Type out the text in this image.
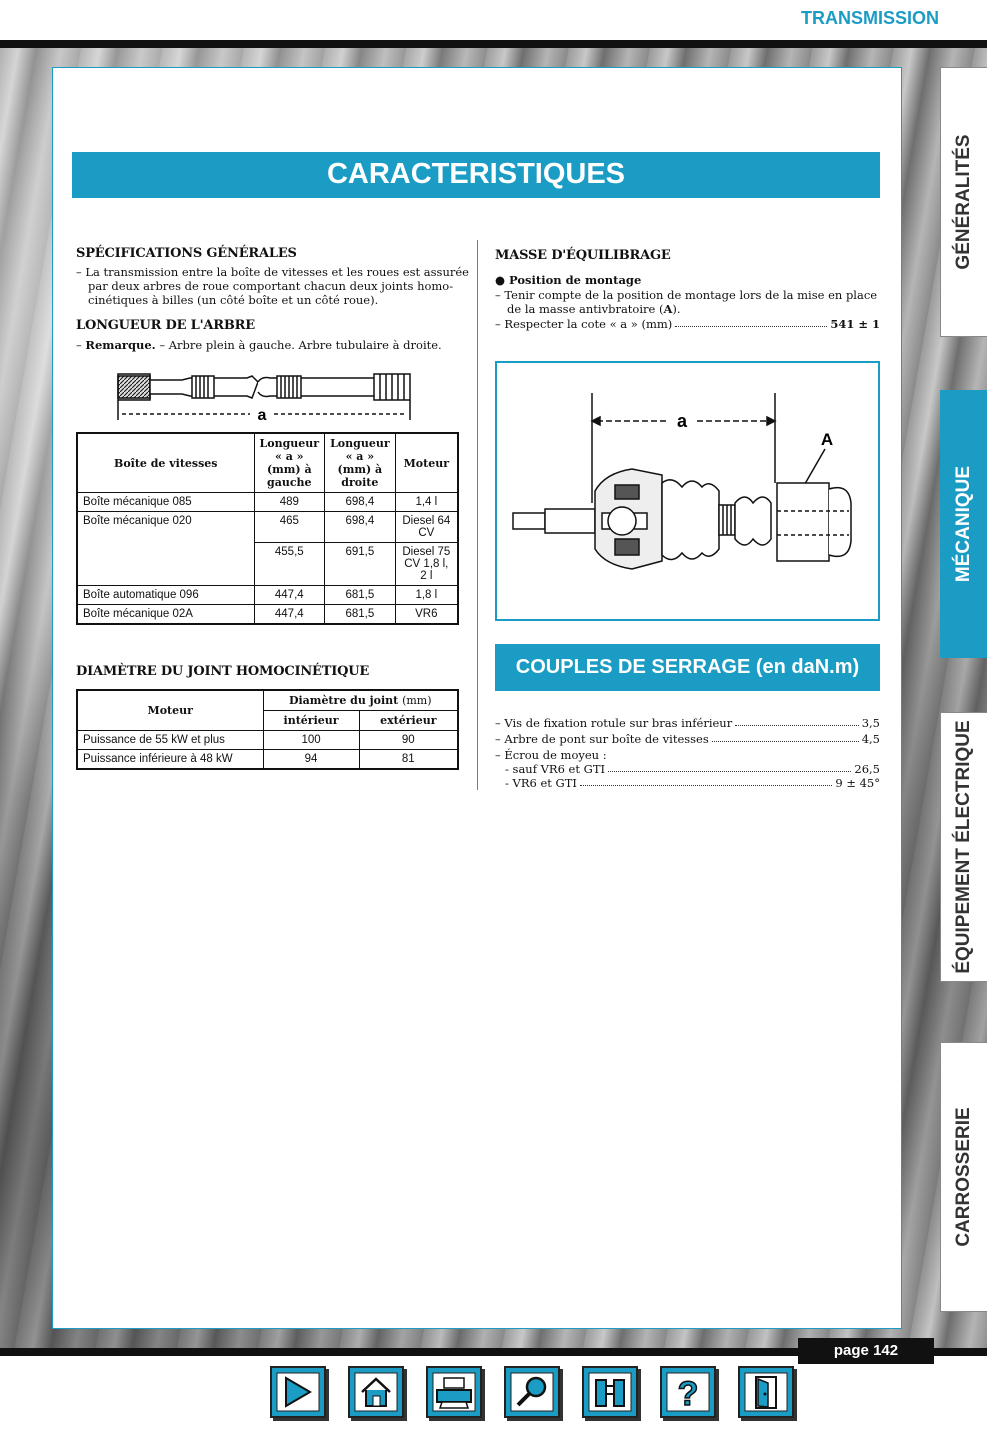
TRANSMISSION
CARACTERISTIQUES
SPÉCIFICATIONS GÉNÉRALES
– La transmission entre la boîte de vitesses et les roues est assurée
par deux arbres de roue comportant chacun deux joints homo-
cinétiques à billes (un côté boîte et un côté roue).
LONGUEUR DE L'ARBRE
– Remarque. – Arbre plein à gauche. Arbre tubulaire à droite.
a
Boîte de vitesses	Longueur « a » (mm) à gauche	Longueur « a » (mm) à droite	Moteur
Boîte mécanique 085	489	698,4	1,4 l
Boîte mécanique 020	465	698,4	Diesel 64 CV
	455,5	691,5	Diesel 75 CV 1,8 l, 2 l
Boîte automatique 096	447,4	681,5	1,8 l
Boîte mécanique 02A	447,4	681,5	VR6
DIAMÈTRE DU JOINT HOMOCINÉTIQUE
Moteur	Diamètre du joint (mm)	
	intérieur	extérieur
Puissance de 55 kW et plus	100	90
Puissance inférieure à 48 kW	94	81
MASSE D'ÉQUILIBRAGE
● Position de montage
– Tenir compte de la position de montage lors de la mise en place
de la masse antivbratoire (A).
– Respecter la cote « a » (mm)	541 ± 1
a
A
COUPLES DE SERRAGE (en daN.m)
– Vis de fixation rotule sur bras inférieur	3,5
– Arbre de pont sur boîte de vitesses	4,5
– Écrou de moyeu :
- sauf VR6 et GTI	26,5
- VR6 et GTI	9 ± 45°
GÉNÉRALITÉS
MÉCANIQUE
ÉQUIPEMENT ÉLECTRIQUE
CARROSSERIE
page 142
?
